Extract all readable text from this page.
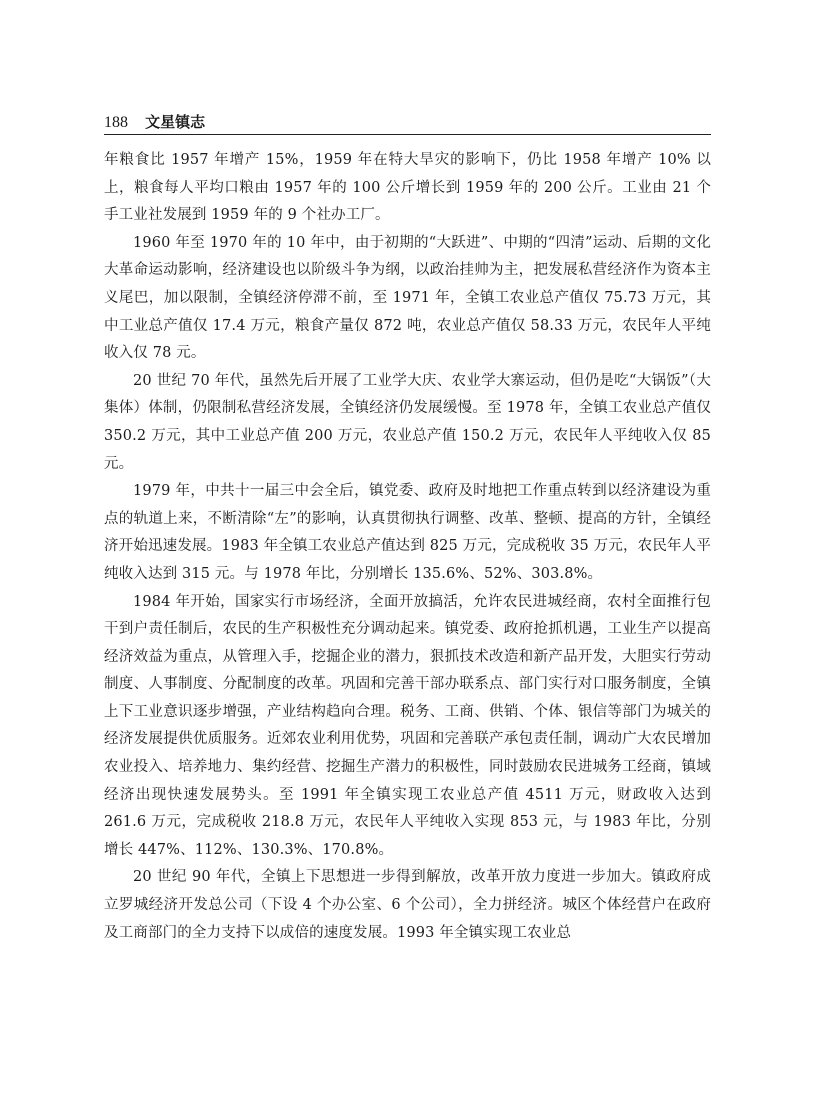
188 文星镇志

年粮食比 1957 年增产 15%，1959 年在特大旱灾的影响下，仍比 1958 年增产 10% 以上，粮食每人平均口粮由 1957 年的 100 公斤增长到 1959 年的 200 公斤。工业由 21 个手工业社发展到 1959 年的 9 个社办工厂。

1960 年至 1970 年的 10 年中，由于初期的“大跃进”、中期的“四清”运动、后期的文化大革命运动影响，经济建设也以阶级斗争为纲，以政治挂帅为主，把发展私营经济作为资本主义尾巴，加以限制，全镇经济停滞不前，至 1971 年，全镇工农业总产值仅 75.73 万元，其中工业总产值仅 17.4 万元，粮食产量仅 872 吨，农业总产值仅 58.33 万元，农民年人平纯收入仅 78 元。

20 世纪 70 年代，虽然先后开展了工业学大庆、农业学大寨运动，但仍是吃“大锅饭”（大集体）体制，仍限制私营经济发展，全镇经济仍发展缓慢。至 1978 年，全镇工农业总产值仅 350.2 万元，其中工业总产值 200 万元，农业总产值 150.2 万元，农民年人平纯收入仅 85 元。

1979 年，中共十一届三中会全后，镇党委、政府及时地把工作重点转到以经济建设为重点的轨道上来，不断清除“左”的影响，认真贯彻执行调整、改革、整顿、提高的方针，全镇经济开始迅速发展。1983 年全镇工农业总产值达到 825 万元，完成税收 35 万元，农民年人平纯收入达到 315 元。与 1978 年比，分别增长 135.6%、52%、303.8%。

1984 年开始，国家实行市场经济，全面开放搞活，允许农民进城经商，农村全面推行包干到户责任制后，农民的生产积极性充分调动起来。镇党委、政府抢抓机遇，工业生产以提高经济效益为重点，从管理入手，挖掘企业的潜力，狠抓技术改造和新产品开发，大胆实行劳动制度、人事制度、分配制度的改革。巩固和完善干部办联系点、部门实行对口服务制度，全镇上下工业意识逐步增强，产业结构趋向合理。税务、工商、供销、个体、银信等部门为城关的经济发展提供优质服务。近郊农业利用优势，巩固和完善联产承包责任制，调动广大农民增加农业投入、培养地力、集约经营、挖掘生产潜力的积极性，同时鼓励农民进城务工经商，镇域经济出现快速发展势头。至 1991 年全镇实现工农业总产值 4511 万元，财政收入达到 261.6 万元，完成税收 218.8 万元，农民年人平纯收入实现 853 元，与 1983 年比，分别增长 447%、112%、130.3%、170.8%。

20 世纪 90 年代，全镇上下思想进一步得到解放，改革开放力度进一步加大。镇政府成立罗城经济开发总公司（下设 4 个办公室、6 个公司），全力拼经济。城区个体经营户在政府及工商部门的全力支持下以成倍的速度发展。1993 年全镇实现工农业总
